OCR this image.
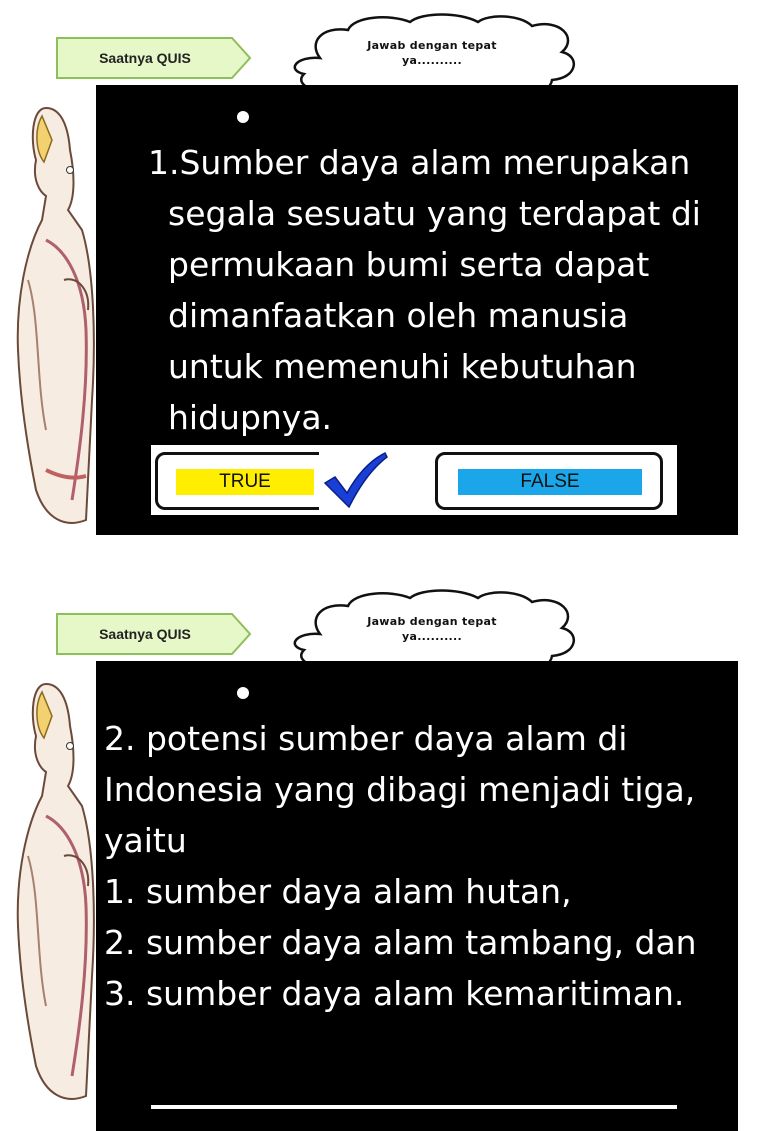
Saatnya QUIS
Jawab dengan tepat
ya..........
1.Sumber daya alam merupakan
segala sesuatu yang terdapat di
permukaan bumi serta dapat
dimanfaatkan oleh manusia
untuk memenuhi kebutuhan
hidupnya.
TRUE	FALSE
Saatnya QUIS
Jawab dengan tepat
ya..........
2. potensi sumber daya alam di
Indonesia yang dibagi menjadi tiga,
yaitu
1. sumber daya alam hutan,
2. sumber daya alam tambang, dan
3. sumber daya alam kemaritiman.
